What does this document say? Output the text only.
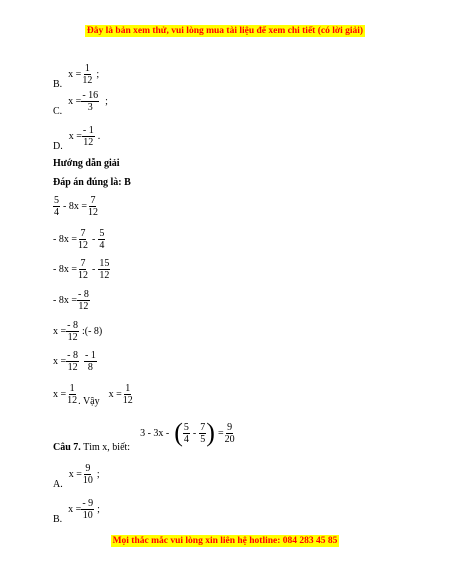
Đây là bản xem thử, vui lòng mua tài liệu để xem chi tiết (có lời giải)
B.
$x = \frac{1}{12}$ ;
C.
$x = \frac{- 16}{3}$ ;
D.
$x = \frac{- 1}{12}$ .
Hướng dẫn giải
Đáp án đúng là: B
$\frac{5}{4} - 8x = \frac{7}{12}$
- $8x = \frac{7}{12} - \frac{5}{4}$
- $8x = \frac{7}{12} - \frac{15}{12}$
- $8x = \frac{- 8}{12}$
$x = \frac{- 8}{12}$ :(- 8)
$x = \frac{- 8}{12} \frac{- 1}{8}$
$x = \frac{1}{12}$ . Vậy
$x = \frac{1}{12}$
Câu 7. Tìm x, biết:
3 - 3x - ( $\frac{5}{4} - \frac{7}{5}$ ) = $\frac{9}{20}$
A.
$x = \frac{9}{10}$ ;
B.
$x = \frac{- 9}{10}$ ;
Mọi thắc mắc vui lòng xin liên hệ hotline: 084 283 45 85
